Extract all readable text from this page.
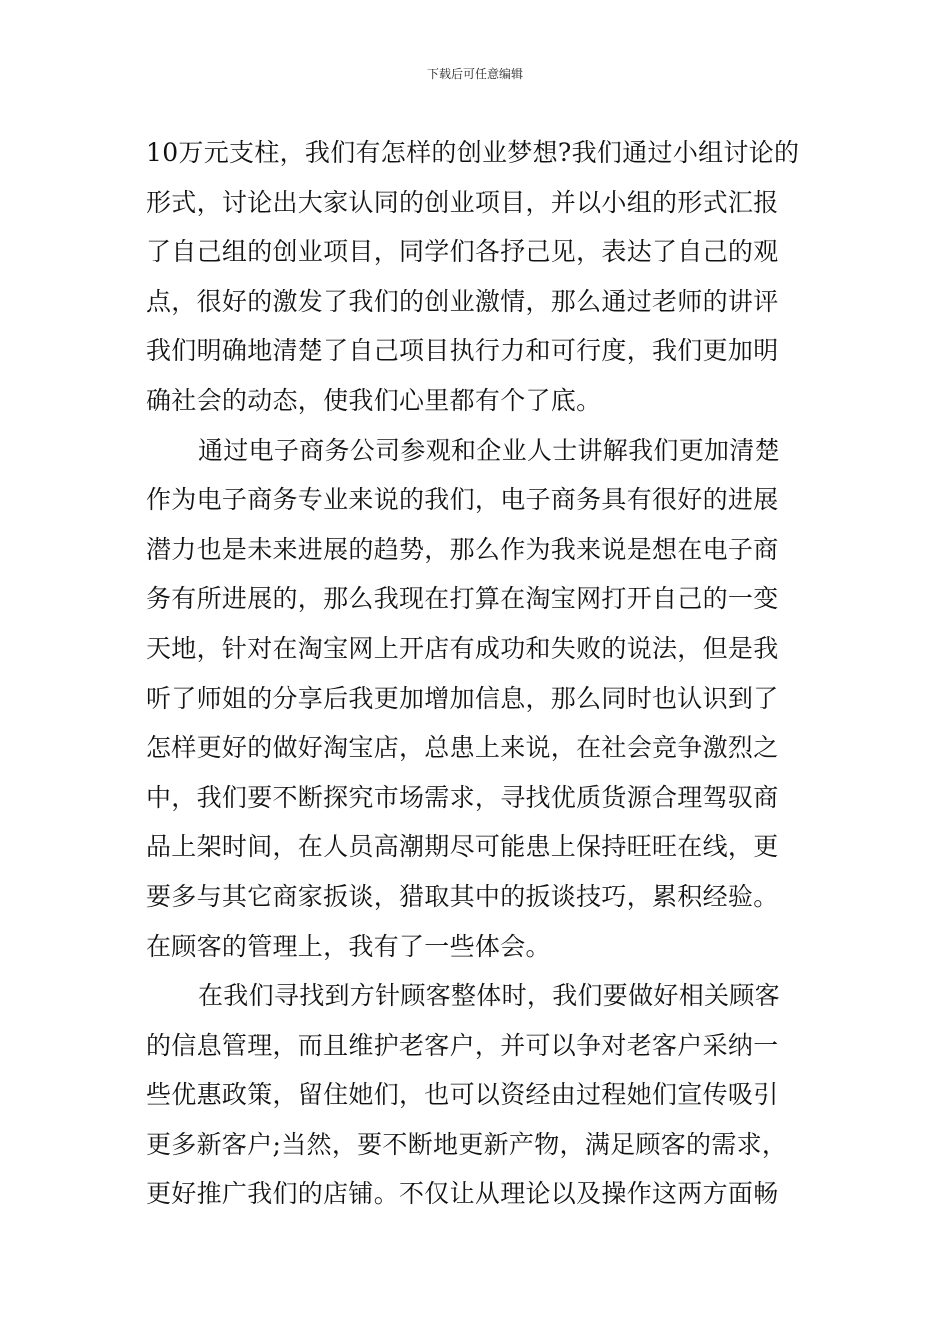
下载后可任意编辑
10万元支柱，我们有怎样的创业梦想?我们通过小组讨论的
形式，讨论出大家认同的创业项目，并以小组的形式汇报
了自己组的创业项目，同学们各抒己见，表达了自己的观
点，很好的激发了我们的创业激情，那么通过老师的讲评
我们明确地清楚了自己项目执行力和可行度，我们更加明
确社会的动态，使我们心里都有个了底。
通过电子商务公司参观和企业人士讲解我们更加清楚
作为电子商务专业来说的我们，电子商务具有很好的进展
潜力也是未来进展的趋势，那么作为我来说是想在电子商
务有所进展的，那么我现在打算在淘宝网打开自己的一变
天地，针对在淘宝网上开店有成功和失败的说法，但是我
听了师姐的分享后我更加增加信息，那么同时也认识到了
怎样更好的做好淘宝店，总患上来说，在社会竞争激烈之
中，我们要不断探究市场需求，寻找优质货源合理驾驭商
品上架时间，在人员高潮期尽可能患上保持旺旺在线，更
要多与其它商家扳谈，猎取其中的扳谈技巧，累积经验。
在顾客的管理上，我有了一些体会。
在我们寻找到方针顾客整体时，我们要做好相关顾客
的信息管理，而且维护老客户，并可以争对老客户采纳一
些优惠政策，留住她们，也可以资经由过程她们宣传吸引
更多新客户;当然，要不断地更新产物，满足顾客的需求，
更好推广我们的店铺。不仅让从理论以及操作这两方面畅
